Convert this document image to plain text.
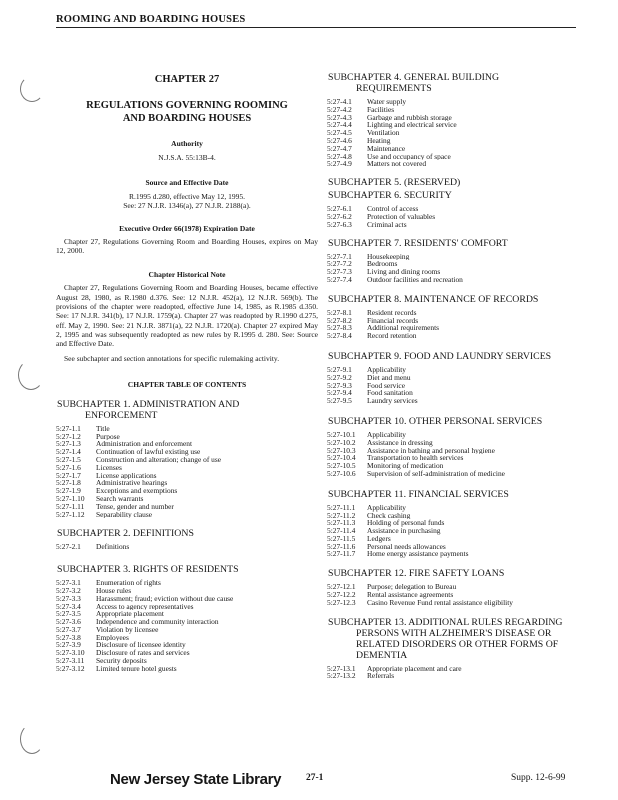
ROOMING AND BOARDING HOUSES
CHAPTER 27
REGULATIONS GOVERNING ROOMING
AND BOARDING HOUSES
Authority
N.J.S.A. 55:13B-4.
Source and Effective Date
R.1995 d.280, effective May 12, 1995.
See: 27 N.J.R. 1346(a), 27 N.J.R. 2188(a).
Executive Order 66(1978) Expiration Date
Chapter 27, Regulations Governing Room and Boarding Houses, expires on May 12, 2000.
Chapter Historical Note
Chapter 27, Regulations Governing Room and Boarding Houses, became effective August 28, 1980, as R.1980 d.376. See: 12 N.J.R. 452(a), 12 N.J.R. 569(b). The provisions of the chapter were readopted, effective June 14, 1985, as R.1985 d.350. See: 17 N.J.R. 341(b), 17 N.J.R. 1759(a). Chapter 27 was readopted by R.1990 d.275, eff. May 2, 1990. See: 21 N.J.R. 3871(a), 22 N.J.R. 1720(a). Chapter 27 expired May 2, 1995 and was subsequently readopted as new rules by R.1995 d. 280. See: Source and Effective Date.
See subchapter and section annotations for specific rulemaking activity.
CHAPTER TABLE OF CONTENTS
SUBCHAPTER 1. ADMINISTRATION AND
ENFORCEMENT
5:27-1.1	Title
5:27-1.2	Purpose
5:27-1.3	Administration and enforcement
5:27-1.4	Continuation of lawful existing use
5:27-1.5	Construction and alteration; change of use
5:27-1.6	Licenses
5:27-1.7	License applications
5:27-1.8	Administrative hearings
5:27-1.9	Exceptions and exemptions
5:27-1.10	Search warrants
5:27-1.11	Tense, gender and number
5:27-1.12	Separability clause
SUBCHAPTER 2. DEFINITIONS
5:27-2.1	Definitions
SUBCHAPTER 3. RIGHTS OF RESIDENTS
5:27-3.1	Enumeration of rights
5:27-3.2	House rules
5:27-3.3	Harassment; fraud; eviction without due cause
5:27-3.4	Access to agency representatives
5:27-3.5	Appropriate placement
5:27-3.6	Independence and community interaction
5:27-3.7	Violation by licensee
5:27-3.8	Employees
5:27-3.9	Disclosure of licensee identity
5:27-3.10	Disclosure of rates and services
5:27-3.11	Security deposits
5:27-3.12	Limited tenure hotel guests
SUBCHAPTER 4. GENERAL BUILDING
REQUIREMENTS
5:27-4.1	Water supply
5:27-4.2	Facilities
5:27-4.3	Garbage and rubbish storage
5:27-4.4	Lighting and electrical service
5:27-4.5	Ventilation
5:27-4.6	Heating
5:27-4.7	Maintenance
5:27-4.8	Use and occupancy of space
5:27-4.9	Matters not covered
SUBCHAPTER 5. (RESERVED)
SUBCHAPTER 6. SECURITY
5:27-6.1	Control of access
5:27-6.2	Protection of valuables
5:27-6.3	Criminal acts
SUBCHAPTER 7. RESIDENTS' COMFORT
5:27-7.1	Housekeeping
5:27-7.2	Bedrooms
5:27-7.3	Living and dining rooms
5:27-7.4	Outdoor facilities and recreation
SUBCHAPTER 8. MAINTENANCE OF RECORDS
5:27-8.1	Resident records
5:27-8.2	Financial records
5:27-8.3	Additional requirements
5:27-8.4	Record retention
SUBCHAPTER 9. FOOD AND LAUNDRY SERVICES
5:27-9.1	Applicability
5:27-9.2	Diet and menu
5:27-9.3	Food service
5:27-9.4	Food sanitation
5:27-9.5	Laundry services
SUBCHAPTER 10. OTHER PERSONAL SERVICES
5:27-10.1	Applicability
5:27-10.2	Assistance in dressing
5:27-10.3	Assistance in bathing and personal hygiene
5:27-10.4	Transportation to health services
5:27-10.5	Monitoring of medication
5:27-10.6	Supervision of self-administration of medicine
SUBCHAPTER 11. FINANCIAL SERVICES
5:27-11.1	Applicability
5:27-11.2	Check cashing
5:27-11.3	Holding of personal funds
5:27-11.4	Assistance in purchasing
5:27-11.5	Ledgers
5:27-11.6	Personal needs allowances
5:27-11.7	Home energy assistance payments
SUBCHAPTER 12. FIRE SAFETY LOANS
5:27-12.1	Purpose; delegation to Bureau
5:27-12.2	Rental assistance agreements
5:27-12.3	Casino Revenue Fund rental assistance eligibility
SUBCHAPTER 13. ADDITIONAL RULES REGARDING
PERSONS WITH ALZHEIMER'S DISEASE OR RELATED DISORDERS OR OTHER FORMS OF DEMENTIA
5:27-13.1	Appropriate placement and care
5:27-13.2	Referrals
New Jersey State Library	27-1	Supp. 12-6-99
